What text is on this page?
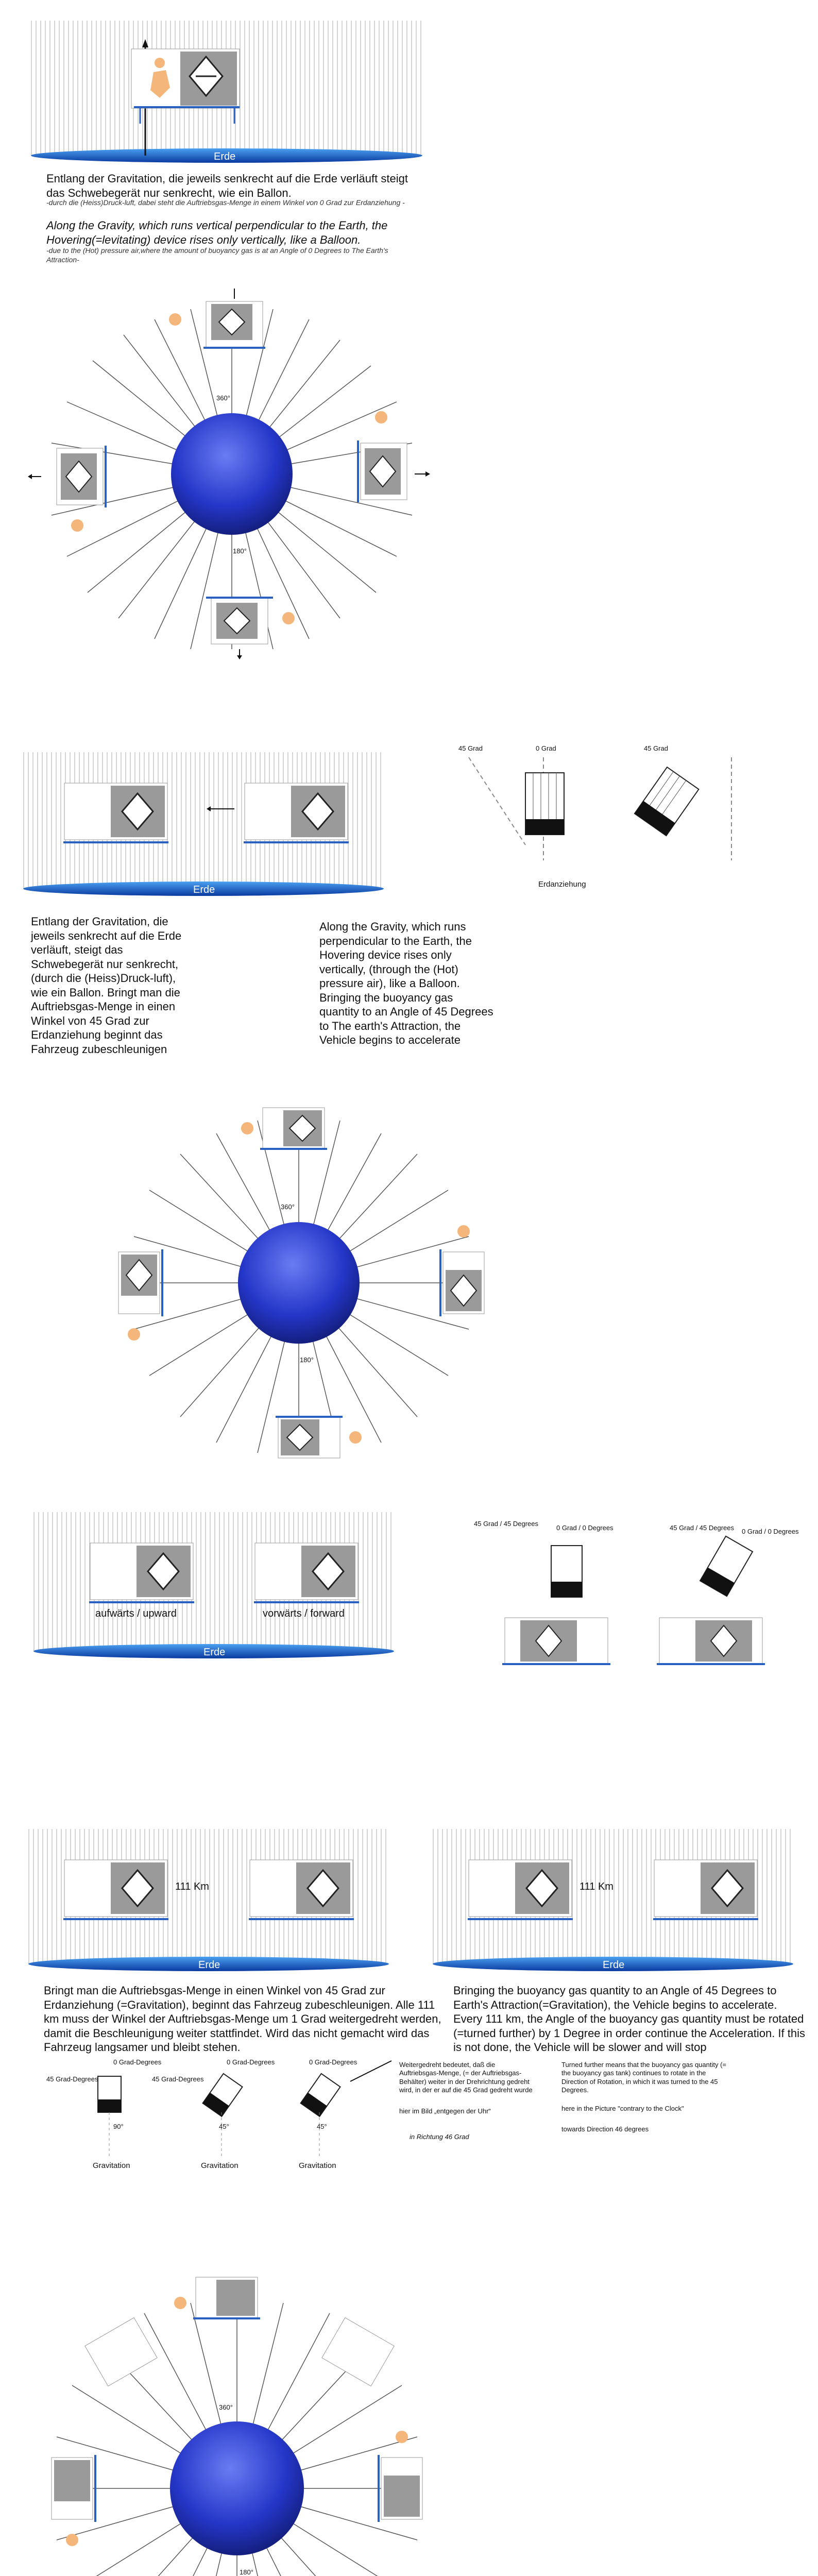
Erde
Entlang der Gravitation, die jeweils senkrecht auf die Erde verläuft steigt das Schwebegerät nur senkrecht, wie ein Ballon.
-durch die (Heiss)Druck-luft, dabei steht die Auftriebsgas-Menge in einem Winkel von 0 Grad zur Erdanziehung -
Along the Gravity, which runs vertical perpendicular to the Earth, the Hovering(=levitating) device rises only vertically, like a Balloon.
-due to the (Hot) pressure air,where the amount of buoyancy gas is at an Angle of 0 Degrees to The Earth's Attraction-
360°
180°
Erde
45 Grad	0 Grad	45 Grad
Erdanziehung
Entlang der Gravitation, die jeweils senkrecht auf die Erde verläuft, steigt das Schwebegerät nur senkrecht, (durch die (Heiss)Druck-luft), wie ein Ballon. Bringt man die Auftriebsgas-Menge in einen Winkel von 45 Grad zur Erdanziehung beginnt das Fahrzeug zubeschleunigen
Along the Gravity, which runs perpendicular to the Earth, the Hovering device rises only vertically, (through the (Hot) pressure air), like a Balloon. Bringing the buoyancy gas quantity to an Angle of 45 Degrees to The earth's Attraction, the Vehicle begins to accelerate
360°
180°
Erde
aufwärts / upward	vorwärts / forward
45 Grad / 45 Degrees
0 Grad / 0 Degrees	45 Grad / 45 Degrees 0 Grad / 0 Degrees
Erde
111 Km
Erde
111 Km
Bringt man die Auftriebsgas-Menge in einen Winkel von 45 Grad zur Erdanziehung (=Gravitation), beginnt das Fahrzeug zubeschleunigen. Alle 111 km muss der Winkel der Auftriebsgas-Menge um 1 Grad weitergedreht werden, damit die Beschleunigung weiter stattfindet. Wird das nicht gemacht wird das Fahrzeug langsamer und bleibt stehen.
Bringing the buoyancy gas quantity to an Angle of 45 Degrees to Earth's Attraction(=Gravitation), the Vehicle begins to accelerate. Every 111 km, the Angle of the buoyancy gas quantity must be rotated (=turned further) by 1 Degree in order continue the Acceleration. If this is not done, the Vehicle will be slower and will stop
0 Grad-Degrees
45 Grad-Degrees
0 Grad-Degrees
45 Grad-Degrees
0 Grad-Degrees
90°	45°	45°
Gravitation	Gravitation	Gravitation
Weitergedreht bedeutet, daß die Auftriebsgas-Menge, (= der Auftriebsgas-Behälter) weiter in der Drehrichtung gedreht wird, in der er auf die 45 Grad gedreht wurde
hier im Bild „entgegen der Uhr“
in Richtung 46 Grad
Turned further means that the buoyancy gas quantity (= the buoyancy gas tank) continues to rotate in the Direction of Rotation, in which it was turned to the 45 Degrees.
here in the Picture "contrary to the Clock"
towards Direction 46 degrees
360°
180°
